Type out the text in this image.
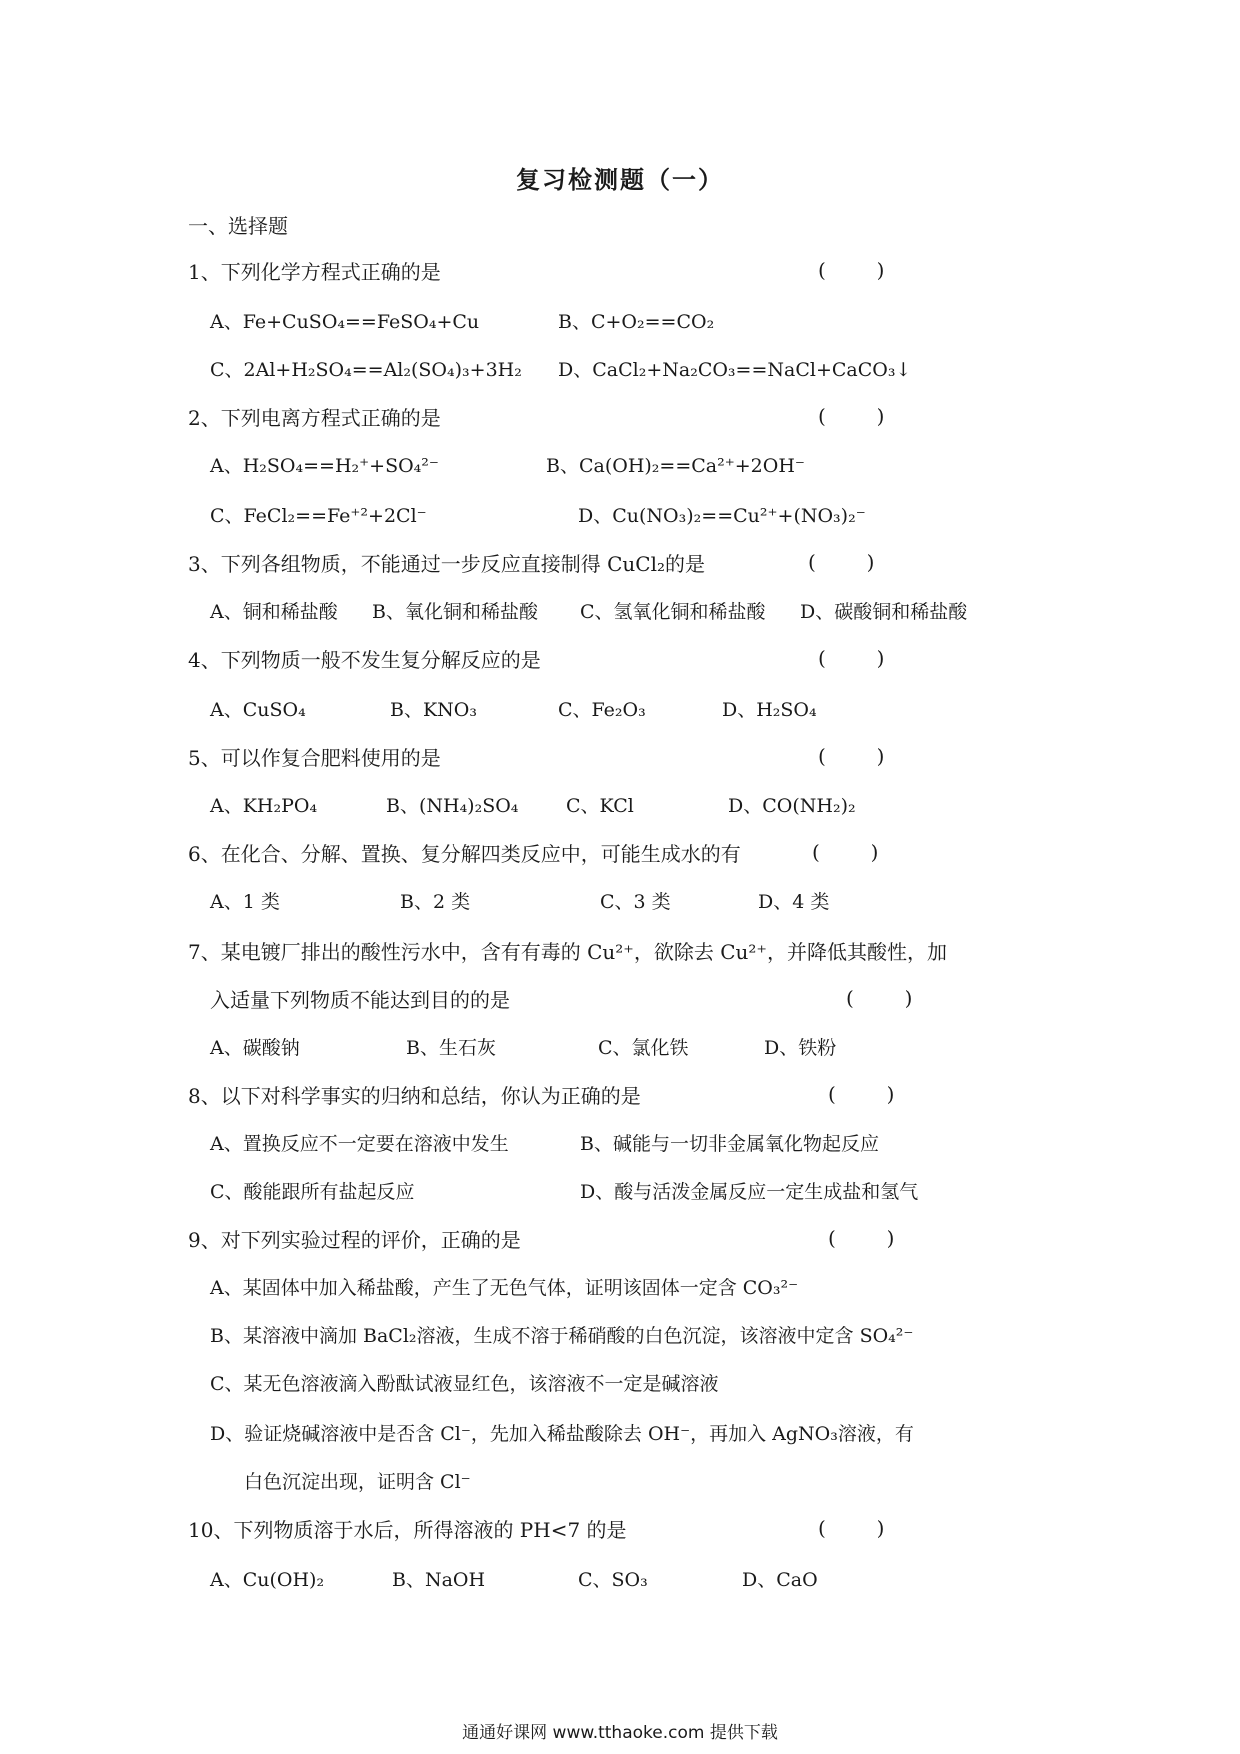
复习检测题（一）
一、选择题
1、下列化学方程式正确的是	(        )
A、Fe+CuSO₄==FeSO₄+Cu	B、C+O₂==CO₂
C、2Al+H₂SO₄==Al₂(SO₄)₃+3H₂ D、CaCl₂+Na₂CO₃==NaCl+CaCO₃↓
2、下列电离方程式正确的是	(        )
A、H₂SO₄==H₂⁺+SO₄²⁻	B、Ca(OH)₂==Ca²⁺+2OH⁻
C、FeCl₂==Fe⁺²+2Cl⁻	D、Cu(NO₃)₂==Cu²⁺+(NO₃)₂⁻
3、下列各组物质，不能通过一步反应直接制得 CuCl₂的是	(        )
A、铜和稀盐酸 B、氧化铜和稀盐酸 C、氢氧化铜和稀盐酸 D、碳酸铜和稀盐酸
4、下列物质一般不发生复分解反应的是	(        )
A、CuSO₄	B、KNO₃	C、Fe₂O₃	D、H₂SO₄
5、可以作复合肥料使用的是	(        )
A、KH₂PO₄	B、(NH₄)₂SO₄	C、KCl	D、CO(NH₂)₂
6、在化合、分解、置换、复分解四类反应中，可能生成水的有	(        )
A、1 类	B、2 类	C、3 类	D、4 类
7、某电镀厂排出的酸性污水中，含有有毒的 Cu²⁺，欲除去 Cu²⁺，并降低其酸性，加
入适量下列物质不能达到目的的是	(        )
A、碳酸钠	B、生石灰	C、氯化铁	D、铁粉
8、以下对科学事实的归纳和总结，你认为正确的是	(        )
A、置换反应不一定要在溶液中发生	B、碱能与一切非金属氧化物起反应
C、酸能跟所有盐起反应	D、酸与活泼金属反应一定生成盐和氢气
9、对下列实验过程的评价，正确的是	(        )
A、某固体中加入稀盐酸，产生了无色气体，证明该固体一定含 CO₃²⁻
B、某溶液中滴加 BaCl₂溶液，生成不溶于稀硝酸的白色沉淀，该溶液中定含 SO₄²⁻
C、某无色溶液滴入酚酞试液显红色，该溶液不一定是碱溶液
D、验证烧碱溶液中是否含 Cl⁻，先加入稀盐酸除去 OH⁻，再加入 AgNO₃溶液，有
白色沉淀出现，证明含 Cl⁻
10、下列物质溶于水后，所得溶液的 PH<7 的是	(        )
A、Cu(OH)₂	B、NaOH	C、SO₃	D、CaO
通通好课网 www.tthaoke.com 提供下载
